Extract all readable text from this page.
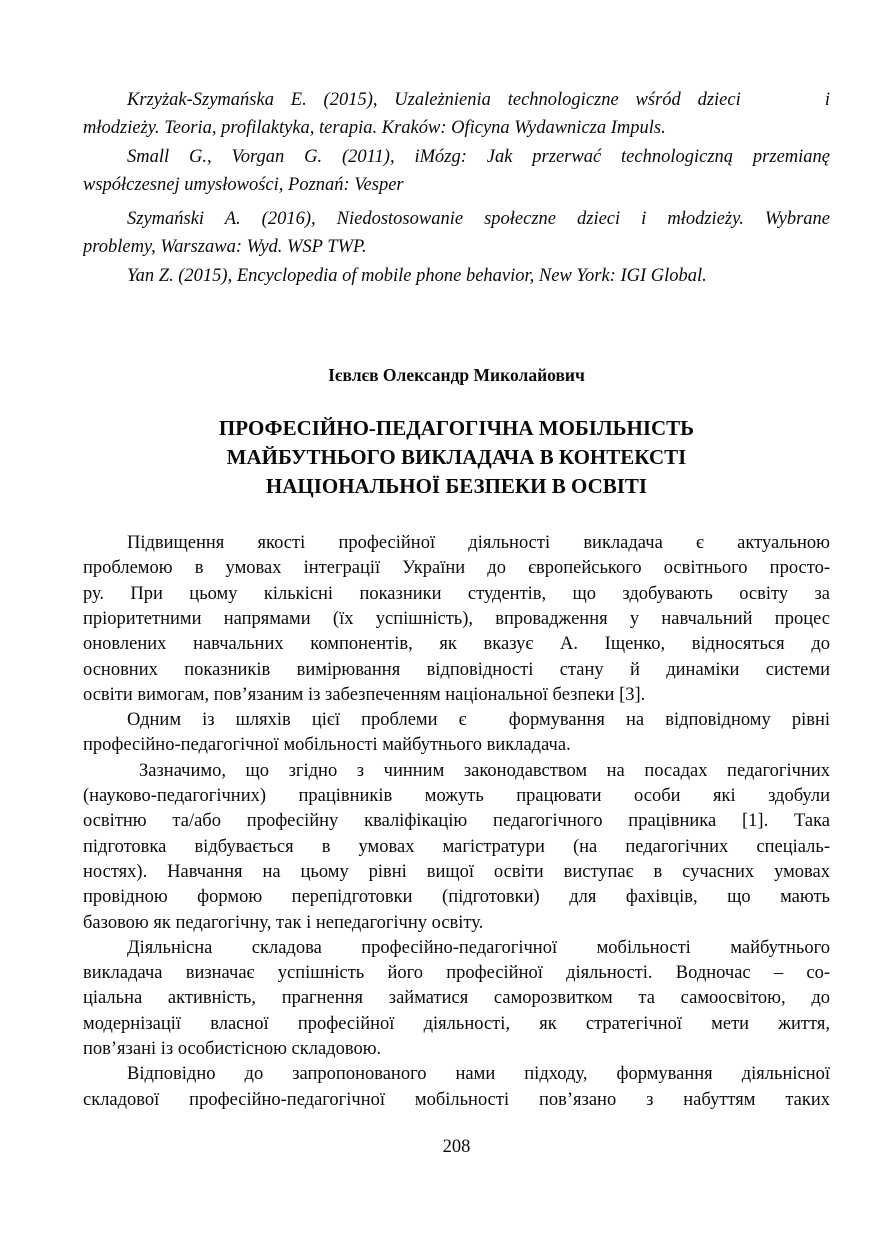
Krzyżak-Szymańska E. (2015), Uzależnienia technologiczne wśród dzieci     i
młodzieży. Teoria, profilaktyka, terapia. Kraków: Oficyna Wydawnicza Impuls.
Small G., Vorgan G. (2011), iMózg: Jak przerwać technologiczną przemianę
współczesnej umysłowości, Poznań: Vesper
Szymański A. (2016), Niedostosowanie społeczne dzieci i młodzieży. Wybrane
problemy, Warszawa: Wyd. WSP TWP.
Yan Z. (2015), Encyclopedia of mobile phone behavior, New York: IGI Global.
Ієвлєв Олександр Миколайович
ПРОФЕСІЙНО-ПЕДАГОГІЧНА МОБІЛЬНІСТЬ
МАЙБУТНЬОГО ВИКЛАДАЧА В КОНТЕКСТІ
НАЦІОНАЛЬНОЇ БЕЗПЕКИ В ОСВІТІ
Підвищення якості професійної діяльності викладача є актуальною
проблемою в умовах інтеграції України до європейського освітнього просто-
ру. При цьому кількісні показники студентів, що здобувають освіту за
пріоритетними напрямами (їх успішність), впровадження у навчальний процес
оновлених навчальних компонентів, як вказує А. Іщенко, відносяться до
основних показників вимірювання відповідності стану й динаміки системи
освіти вимогам, пов’язаним із забезпеченням національної безпеки [3].
Одним із шляхів цієї проблеми є  формування на відповідному рівні
професійно-педагогічної мобільності майбутнього викладача.
Зазначимо, що згідно з чинним законодавством на посадах педагогічних
(науково-педагогічних) працівників можуть працювати особи які здобули
освітню та/або професійну кваліфікацію педагогічного працівника [1]. Така
підготовка відбувається в умовах магістратури (на педагогічних спеціаль-
ностях). Навчання на цьому рівні вищої освіти виступає в сучасних умовах
провідною формою перепідготовки (підготовки) для фахівців, що мають
базовою як педагогічну, так і непедагогічну освіту.
Діяльнісна складова професійно-педагогічної мобільності майбутнього
викладача визначає успішність його професійної діяльності. Водночас – со-
ціальна активність, прагнення займатися саморозвитком та самоосвітою, до
модернізації власної професійної діяльності, як стратегічної мети життя,
пов’язані із особистісною складовою.
Відповідно до запропонованого нами підходу, формування діяльнісної
складової професійно-педагогічної мобільності пов’язано з набуттям таких
208
